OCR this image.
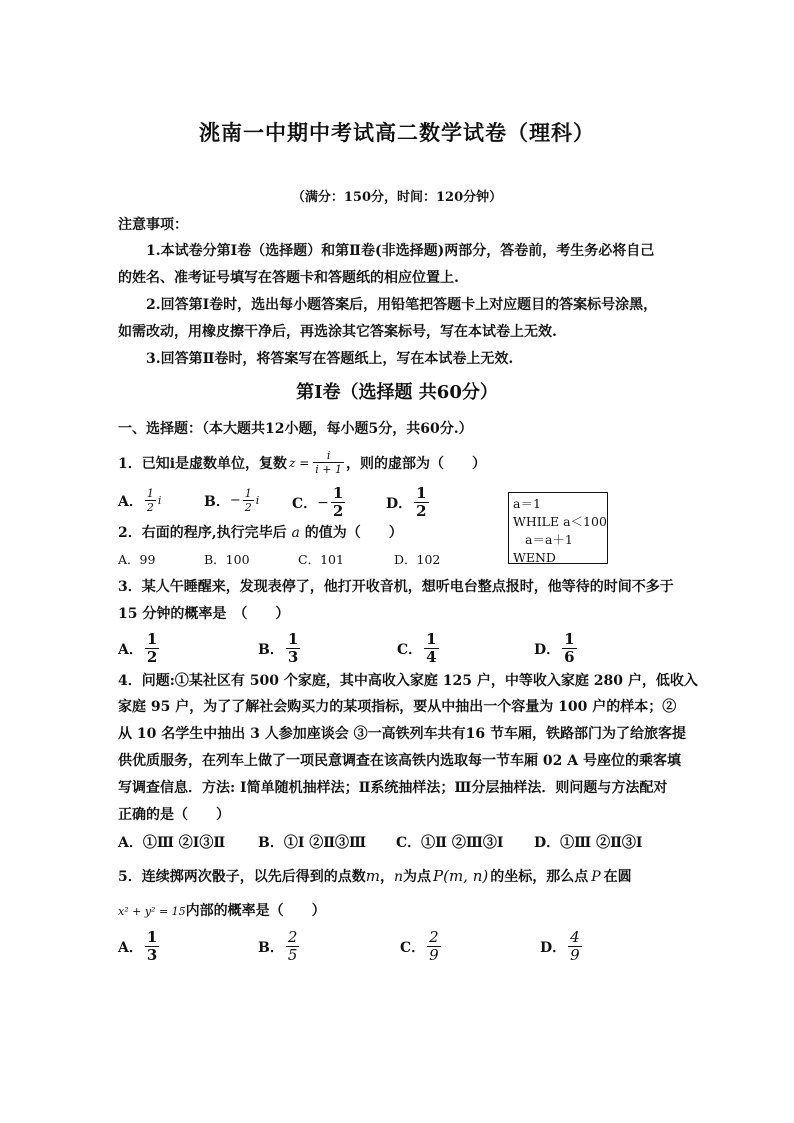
洮南一中期中考试高二数学试卷（理科）
（满分：150分，时间：120分钟）
注意事项：
1.本试卷分第Ⅰ卷（选择题）和第Ⅱ卷(非选择题)两部分，答卷前，考生务必将自己
的姓名、准考证号填写在答题卡和答题纸的相应位置上.
2.回答第Ⅰ卷时，选出每小题答案后，用铅笔把答题卡上对应题目的答案标号涂黑，
如需改动，用橡皮擦干净后，再选涂其它答案标号，写在本试卷上无效.
3.回答第Ⅱ卷时，将答案写在答题纸上，写在本试卷上无效.
第Ⅰ卷（选择题 共60分）
一、选择题：（本大题共12小题，每小题5分，共60分.）
1．已知i是虚数单位，复数 $z = \frac{i}{i + 1}$ ，则的虚部为（　　）
A． $\frac{1}{2}$ i	B． − $\frac{1}{2}$ i C． − $\frac{1}{2}$	D． $\frac{1}{2}$	a＝1
WHILE a＜100
a＝a＋1
WEND
2．右面的程序,执行完毕后 a 的值为（　　）
A．99	B．100	C．101	D．102
3．某人午睡醒来，发现表停了，他打开收音机，想听电台整点报时，他等待的时间不多于
15 分钟的概率是　（　　）
A． $\frac{1}{2}$	B． $\frac{1}{3}$	C． $\frac{1}{4}$	D． $\frac{1}{6}$
4．问题:①某社区有 500 个家庭，其中高收入家庭 125 户，中等收入家庭 280 户，低收入
家庭 95 户，为了了解社会购买力的某项指标，要从中抽出一个容量为 100 户的样本；②
从 10 名学生中抽出 3 人参加座谈会 ③一高铁列车共有16 节车厢，铁路部门为了给旅客提
供优质服务，在列车上做了一项民意调查在该高铁内选取每一节车厢 02 A 号座位的乘客填
写调查信息．方法: Ⅰ简单随机抽样法；Ⅱ系统抽样法；Ⅲ分层抽样法．则问题与方法配对
正确的是（　　）
A．①Ⅲ ②Ⅰ③Ⅱ B．①Ⅰ ②Ⅱ③Ⅲ C．①Ⅱ ②Ⅲ③Ⅰ D．①Ⅲ ②Ⅱ③Ⅰ
5．连续掷两次骰子，以先后得到的点数m，n为点 P(m, n) 的坐标，那么点 P 在圆
x² + y² = 15内部的概率是（　　）
A． $\frac{1}{3}$	B． $\frac{2}{5}$	C． $\frac{2}{9}$	D． $\frac{4}{9}$
